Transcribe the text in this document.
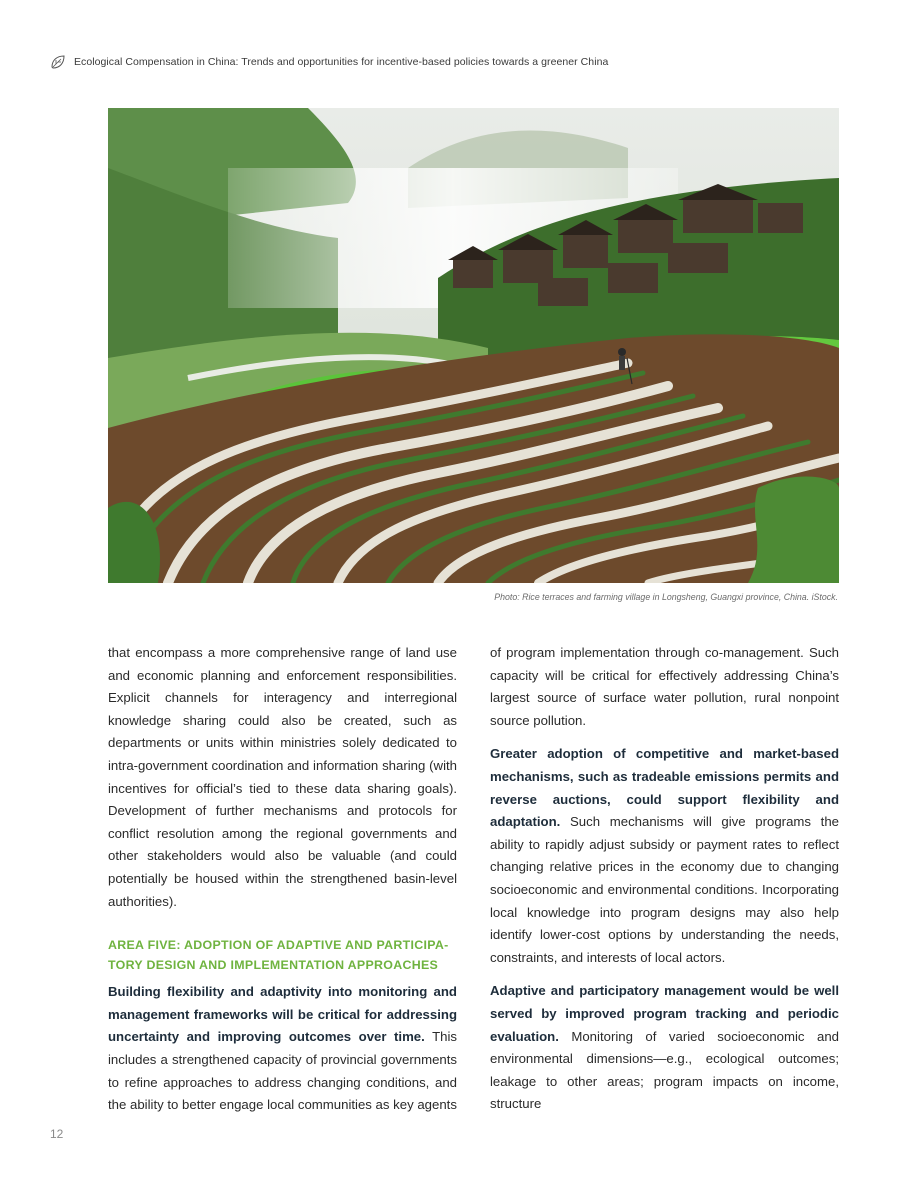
Ecological Compensation in China: Trends and opportunities for incentive-based policies towards a greener China
Photo: Rice terraces and farming village in Longsheng, Guangxi province, China. iStock.

that encompass a more comprehensive range of land use and economic planning and enforcement responsibilities. Explicit channels for interagency and interregional knowledge sharing could also be created, such as departments or units within ministries solely dedicated to intra-government coordination and information sharing (with incentives for official’s tied to these data sharing goals). Development of further mechanisms and protocols for conflict resolution among the regional governments and other stakeholders would also be valuable (and could potentially be housed within the strengthened basin-level authorities).

AREA FIVE: ADOPTION OF ADAPTIVE AND PARTICIPA-TORY DESIGN AND IMPLEMENTATION APPROACHES

Building flexibility and adaptivity into monitoring and management frameworks will be critical for addressing uncertainty and improving outcomes over time. This includes a strengthened capacity of provincial governments to refine approaches to address changing conditions, and the ability to better engage local communities as key agents

of program implementation through co-management. Such capacity will be critical for effectively addressing China’s largest source of surface water pollution, rural nonpoint source pollution.

Greater adoption of competitive and market-based mechanisms, such as tradeable emissions permits and reverse auctions, could support flexibility and adaptation. Such mechanisms will give programs the ability to rapidly adjust subsidy or payment rates to reflect changing relative prices in the economy due to changing socioeconomic and environmental conditions. Incorporating local knowledge into program designs may also help identify lower-cost options by understanding the needs, constraints, and interests of local actors.

Adaptive and participatory management would be well served by improved program tracking and periodic evaluation. Monitoring of varied socioeconomic and environmental dimensions—e.g., ecological outcomes; leakage to other areas; program impacts on income, structure

12
